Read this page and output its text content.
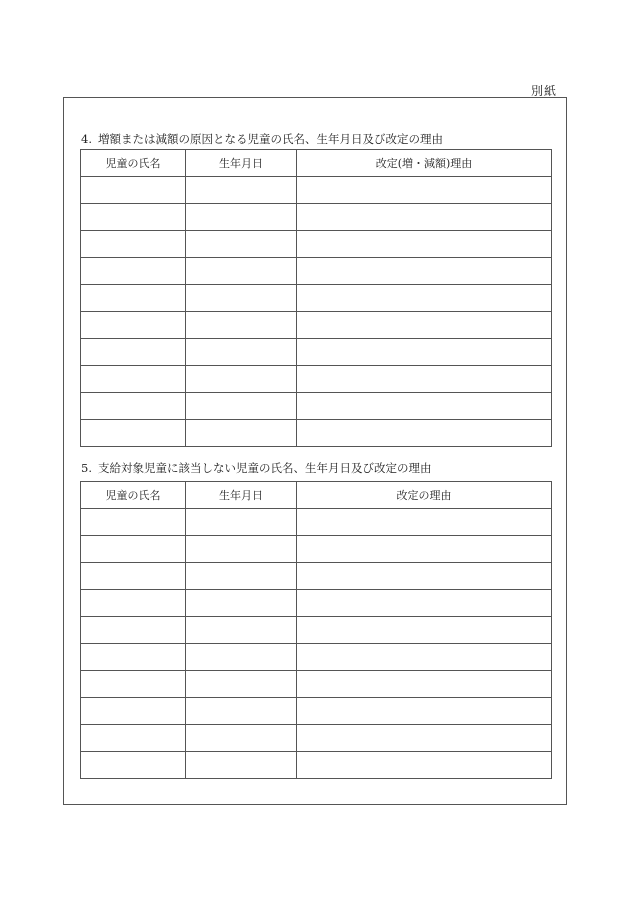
別紙
4. 増額または減額の原因となる児童の氏名、生年月日及び改定の理由
児童の氏名	生年月日	改定(増・減額)理由

5. 支給対象児童に該当しない児童の氏名、生年月日及び改定の理由
児童の氏名	生年月日	改定の理由
